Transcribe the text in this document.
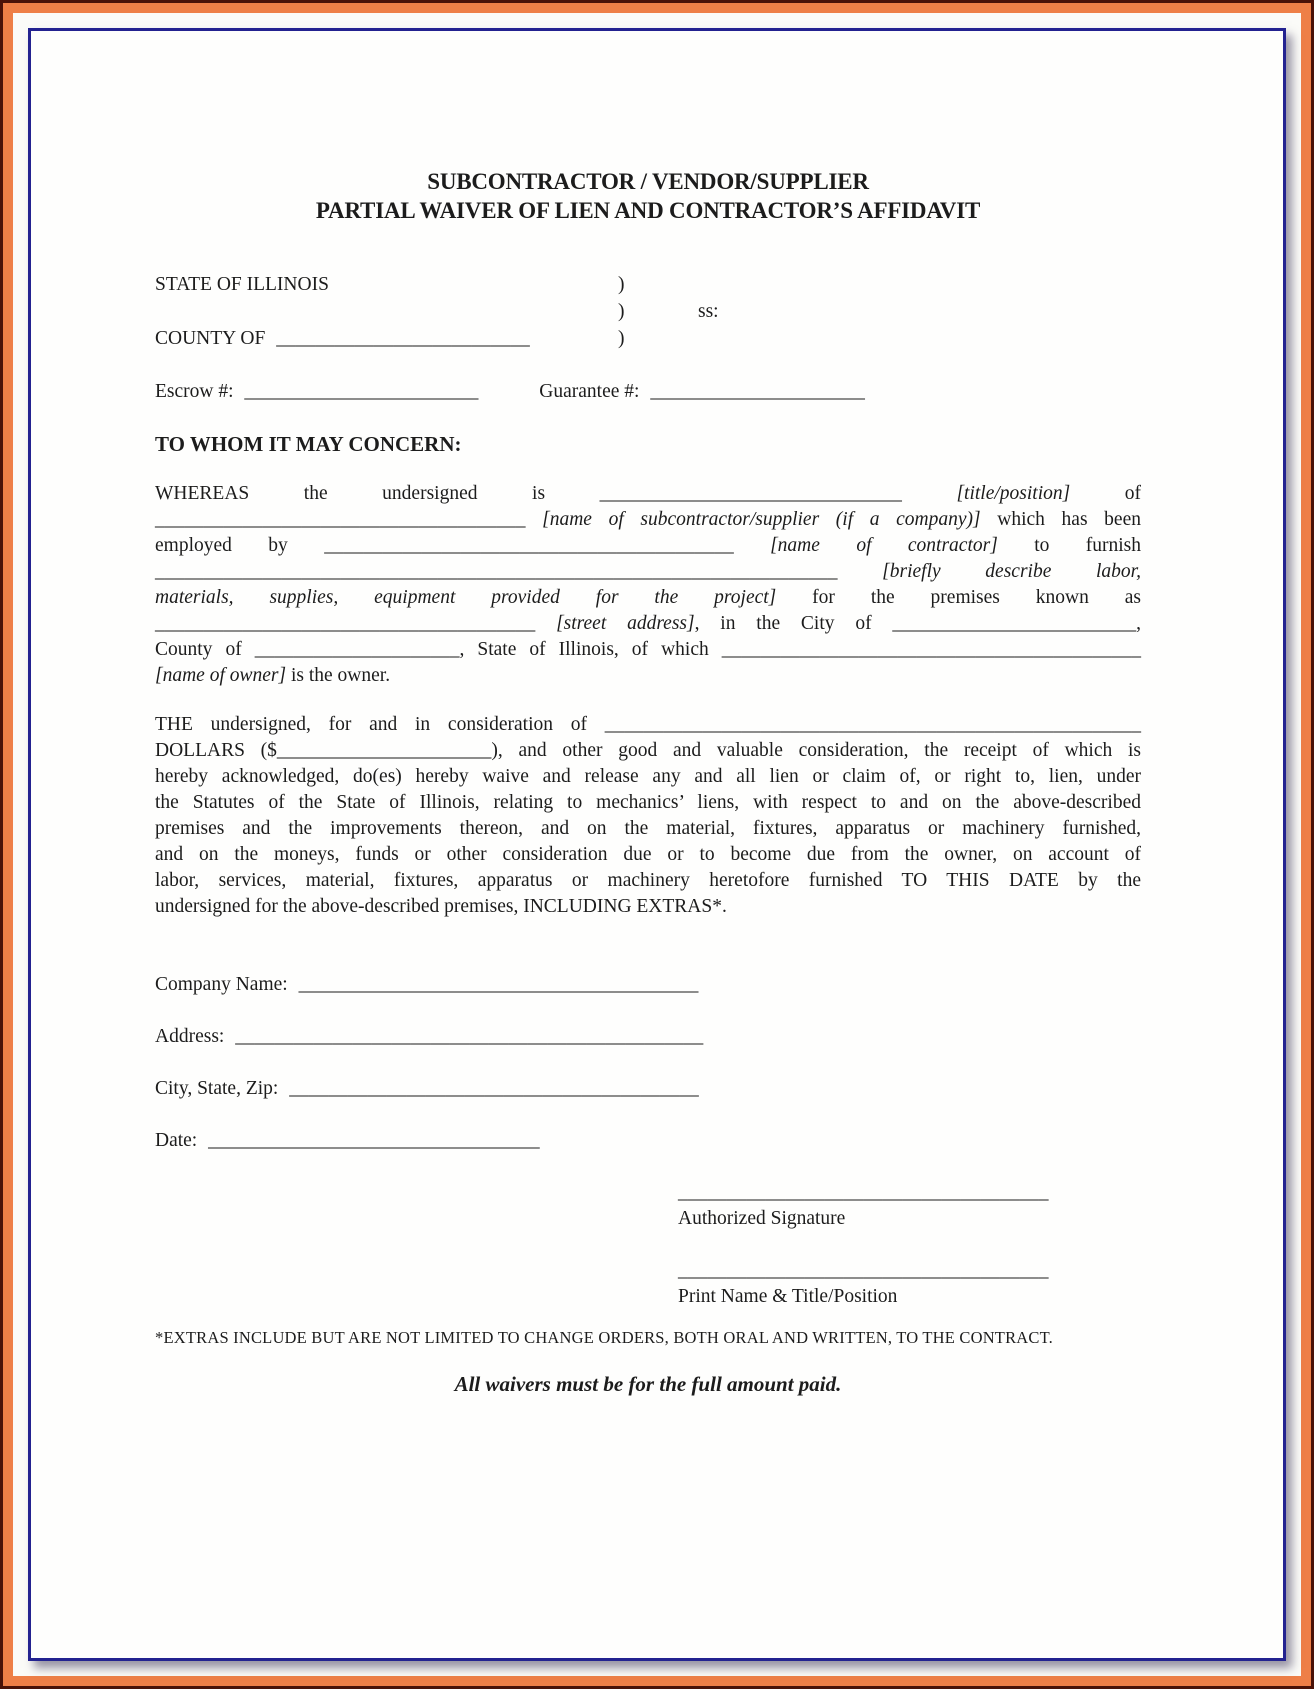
SUBCONTRACTOR / VENDOR/SUPPLIER
PARTIAL WAIVER OF LIEN AND CONTRACTOR’S AFFIDAVIT
STATE OF ILLINOIS	)
)	ss:
COUNTY OF __________________________	)
Escrow #: ________________________	Guarantee #: ______________________
TO WHOM IT MAY CONCERN:
WHEREAS the undersigned is _______________________________ [title/position] of
______________________________________ [name of subcontractor/supplier (if a company)] which has been
employed by __________________________________________ [name of contractor] to furnish
______________________________________________________________________ [briefly describe labor,
materials, supplies, equipment provided for the project] for the premises known as
_______________________________________ [street address], in the City of _________________________,
County of _____________________, State of Illinois, of which ___________________________________________
[name of owner] is the owner.
THE undersigned, for and in consideration of _______________________________________________________
DOLLARS ($______________________), and other good and valuable consideration, the receipt of which is
hereby acknowledged, do(es) hereby waive and release any and all lien or claim of, or right to, lien, under
the Statutes of the State of Illinois, relating to mechanics’ liens, with respect to and on the above-described
premises and the improvements thereon, and on the material, fixtures, apparatus or machinery furnished,
and on the moneys, funds or other consideration due or to become due from the owner, on account of
labor, services, material, fixtures, apparatus or machinery heretofore furnished TO THIS DATE by the
undersigned for the above-described premises, INCLUDING EXTRAS*.
Company Name: _________________________________________
Address: ________________________________________________
City, State, Zip: __________________________________________
Date: __________________________________
______________________________________
Authorized Signature
______________________________________
Print Name & Title/Position
*EXTRAS INCLUDE BUT ARE NOT LIMITED TO CHANGE ORDERS, BOTH ORAL AND WRITTEN, TO THE CONTRACT.
All waivers must be for the full amount paid.
